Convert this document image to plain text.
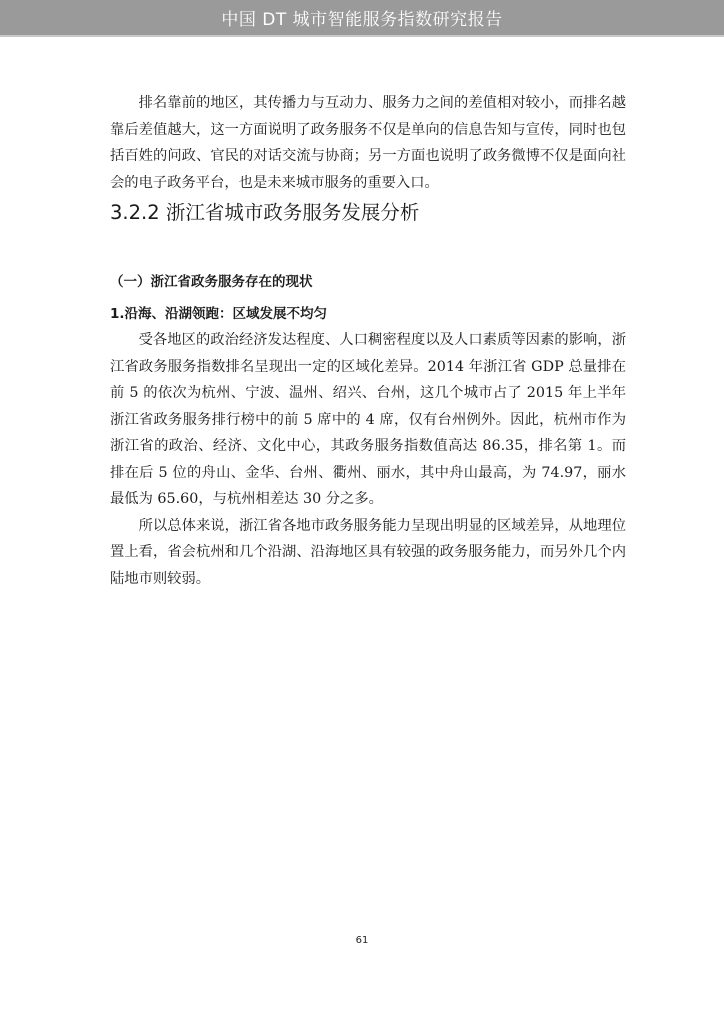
中国 DT 城市智能服务指数研究报告

排名靠前的地区，其传播力与互动力、服务力之间的差值相对较小，而排名越靠后差值越大，这一方面说明了政务服务不仅是单向的信息告知与宣传，同时也包括百姓的问政、官民的对话交流与协商；另一方面也说明了政务微博不仅是面向社会的电子政务平台，也是未来城市服务的重要入口。

3.2.2 浙江省城市政务服务发展分析
（一）浙江省政务服务存在的现状
1.沿海、沿湖领跑：区域发展不均匀

受各地区的政治经济发达程度、人口稠密程度以及人口素质等因素的影响，浙江省政务服务指数排名呈现出一定的区域化差异。2014 年浙江省 GDP 总量排在前 5 的依次为杭州、宁波、温州、绍兴、台州，这几个城市占了 2015 年上半年浙江省政务服务排行榜中的前 5 席中的 4 席，仅有台州例外。因此，杭州市作为浙江省的政治、经济、文化中心，其政务服务指数值高达 86.35，排名第 1。而排在后 5 位的舟山、金华、台州、衢州、丽水，其中舟山最高，为 74.97，丽水最低为 65.60，与杭州相差达 30 分之多。

所以总体来说，浙江省各地市政务服务能力呈现出明显的区域差异，从地理位置上看，省会杭州和几个沿湖、沿海地区具有较强的政务服务能力，而另外几个内陆地市则较弱。

61
